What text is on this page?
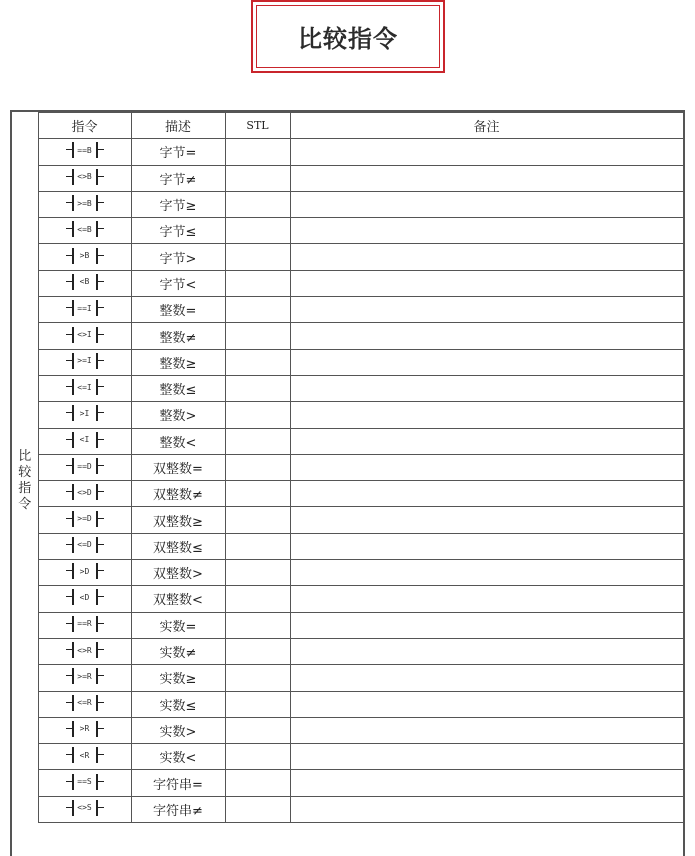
比较指令
	指令	描述	STL	备注
比较指令	==B	字节=		

	<>B	字节≠		

	>=B	字节≥		

	<=B	字节≤		

	>B	字节>		

	<B	字节<		

	==I	整数=		

	<>I	整数≠		

	>=I	整数≥		

	<=I	整数≤		

	>I	整数>		

	<I	整数<		

	==D	双整数=		

	<>D	双整数≠		

	>=D	双整数≥		

	<=D	双整数≤		

	>D	双整数>		

	<D	双整数<		

	==R	实数=		

	<>R	实数≠		

	>=R	实数≥		

	<=R	实数≤		

	>R	实数>		

	<R	实数<		

	==S	字符串=		

	<>S	字符串≠		
